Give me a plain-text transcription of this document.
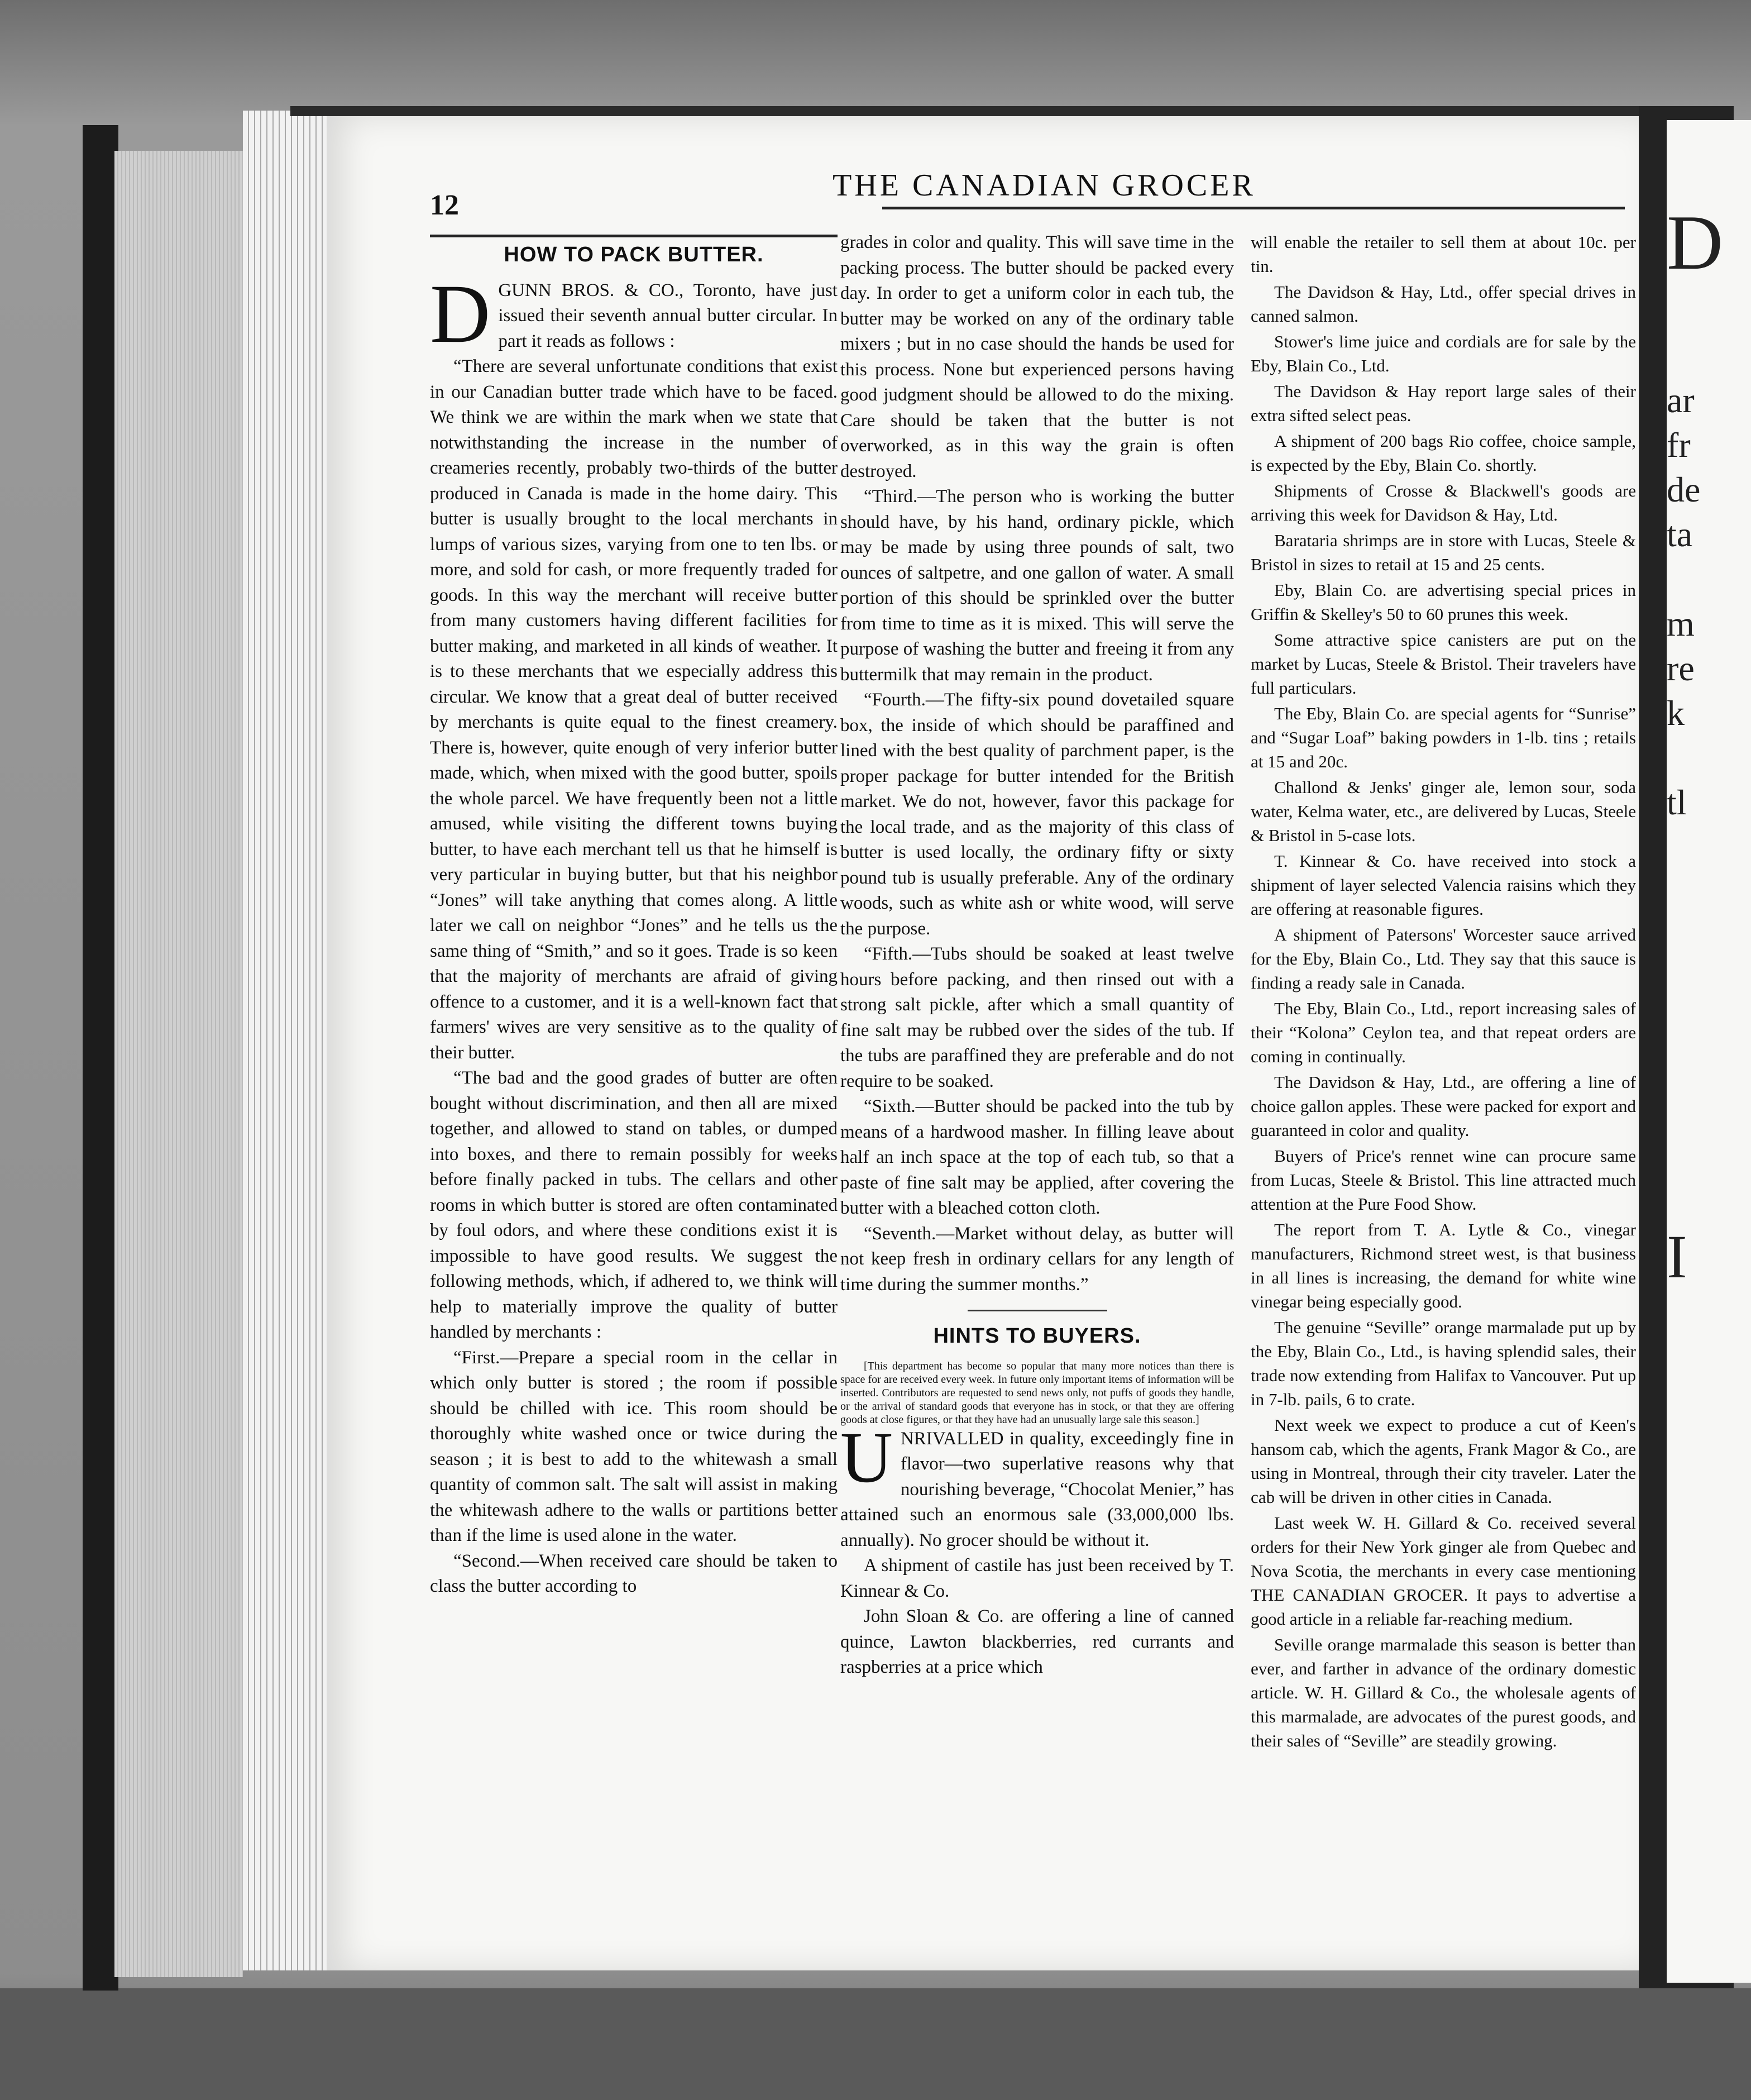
D
ar
fr
de
ta
m
re
k
tl
I
12
THE CANADIAN GROCER
HOW TO PACK BUTTER.

DGUNN BROS. & CO., Toronto, have just issued their seventh annual butter circular. In part it reads as follows :

“There are several unfortunate conditions that exist in our Canadian butter trade which have to be faced. We think we are within the mark when we state that notwithstanding the increase in the number of creameries recently, probably two-thirds of the butter produced in Canada is made in the home dairy. This butter is usually brought to the local merchants in lumps of various sizes, varying from one to ten lbs. or more, and sold for cash, or more frequently traded for goods. In this way the merchant will receive butter from many customers having different facilities for butter making, and marketed in all kinds of weather. It is to these merchants that we especially address this circular. We know that a great deal of butter received by merchants is quite equal to the finest creamery. There is, however, quite enough of very inferior butter made, which, when mixed with the good butter, spoils the whole parcel. We have frequently been not a little amused, while visiting the different towns buying butter, to have each merchant tell us that he himself is very particular in buying butter, but that his neighbor “Jones” will take anything that comes along. A little later we call on neighbor “Jones” and he tells us the same thing of “Smith,” and so it goes. Trade is so keen that the majority of merchants are afraid of giving offence to a customer, and it is a well-known fact that farmers' wives are very sensitive as to the quality of their butter.

“The bad and the good grades of butter are often bought without discrimination, and then all are mixed together, and allowed to stand on tables, or dumped into boxes, and there to remain possibly for weeks before finally packed in tubs. The cellars and other rooms in which butter is stored are often contaminated by foul odors, and where these conditions exist it is impossible to have good results. We suggest the following methods, which, if adhered to, we think will help to materially improve the quality of butter handled by merchants :

“First.—Prepare a special room in the cellar in which only butter is stored ; the room if possible should be chilled with ice. This room should be thoroughly white washed once or twice during the season ; it is best to add to the whitewash a small quantity of common salt. The salt will assist in making the whitewash adhere to the walls or partitions better than if the lime is used alone in the water.

“Second.—When received care should be taken to class the butter according to

grades in color and quality. This will save time in the packing process. The butter should be packed every day. In order to get a uniform color in each tub, the butter may be worked on any of the ordinary table mixers ; but in no case should the hands be used for this process. None but experienced persons having good judgment should be allowed to do the mixing. Care should be taken that the butter is not overworked, as in this way the grain is often destroyed.

“Third.—The person who is working the butter should have, by his hand, ordinary pickle, which may be made by using three pounds of salt, two ounces of saltpetre, and one gallon of water. A small portion of this should be sprinkled over the butter from time to time as it is mixed. This will serve the purpose of washing the butter and freeing it from any buttermilk that may remain in the product.

“Fourth.—The fifty-six pound dovetailed square box, the inside of which should be paraffined and lined with the best quality of parchment paper, is the proper package for butter intended for the British market. We do not, however, favor this package for the local trade, and as the majority of this class of butter is used locally, the ordinary fifty or sixty pound tub is usually preferable. Any of the ordinary woods, such as white ash or white wood, will serve the purpose.

“Fifth.—Tubs should be soaked at least twelve hours before packing, and then rinsed out with a strong salt pickle, after which a small quantity of fine salt may be rubbed over the sides of the tub. If the tubs are paraffined they are preferable and do not require to be soaked.

“Sixth.—Butter should be packed into the tub by means of a hardwood masher. In filling leave about half an inch space at the top of each tub, so that a paste of fine salt may be applied, after covering the butter with a bleached cotton cloth.

“Seventh.—Market without delay, as butter will not keep fresh in ordinary cellars for any length of time during the summer months.”

HINTS TO BUYERS.

[This department has become so popular that many more notices than there is space for are received every week. In future only important items of information will be inserted. Contributors are requested to send news only, not puffs of goods they handle, or the arrival of standard goods that everyone has in stock, or that they are offering goods at close figures, or that they have had an unusually large sale this season.]

UNRIVALLED in quality, exceedingly fine in flavor—two superlative reasons why that nourishing beverage, “Chocolat Menier,” has attained such an enormous sale (33,000,000 lbs. annually). No grocer should be without it.

A shipment of castile has just been received by T. Kinnear & Co.

John Sloan & Co. are offering a line of canned quince, Lawton blackberries, red currants and raspberries at a price which

will enable the retailer to sell them at about 10c. per tin.

The Davidson & Hay, Ltd., offer special drives in canned salmon.

Stower's lime juice and cordials are for sale by the Eby, Blain Co., Ltd.

The Davidson & Hay report large sales of their extra sifted select peas.

A shipment of 200 bags Rio coffee, choice sample, is expected by the Eby, Blain Co. shortly.

Shipments of Crosse & Blackwell's goods are arriving this week for Davidson & Hay, Ltd.

Barataria shrimps are in store with Lucas, Steele & Bristol in sizes to retail at 15 and 25 cents.

Eby, Blain Co. are advertising special prices in Griffin & Skelley's 50 to 60 prunes this week.

Some attractive spice canisters are put on the market by Lucas, Steele & Bristol. Their travelers have full particulars.

The Eby, Blain Co. are special agents for “Sunrise” and “Sugar Loaf” baking powders in 1-lb. tins ; retails at 15 and 20c.

Challond & Jenks' ginger ale, lemon sour, soda water, Kelma water, etc., are delivered by Lucas, Steele & Bristol in 5-case lots.

T. Kinnear & Co. have received into stock a shipment of layer selected Valencia raisins which they are offering at reasonable figures.

A shipment of Patersons' Worcester sauce arrived for the Eby, Blain Co., Ltd. They say that this sauce is finding a ready sale in Canada.

The Eby, Blain Co., Ltd., report increasing sales of their “Kolona” Ceylon tea, and that repeat orders are coming in continually.

The Davidson & Hay, Ltd., are offering a line of choice gallon apples. These were packed for export and guaranteed in color and quality.

Buyers of Price's rennet wine can procure same from Lucas, Steele & Bristol. This line attracted much attention at the Pure Food Show.

The report from T. A. Lytle & Co., vinegar manufacturers, Richmond street west, is that business in all lines is increasing, the demand for white wine vinegar being especially good.

The genuine “Seville” orange marmalade put up by the Eby, Blain Co., Ltd., is having splendid sales, their trade now extending from Halifax to Vancouver. Put up in 7-lb. pails, 6 to crate.

Next week we expect to produce a cut of Keen's hansom cab, which the agents, Frank Magor & Co., are using in Montreal, through their city traveler. Later the cab will be driven in other cities in Canada.

Last week W. H. Gillard & Co. received several orders for their New York ginger ale from Quebec and Nova Scotia, the merchants in every case mentioning THE CANADIAN GROCER. It pays to advertise a good article in a reliable far-reaching medium.

Seville orange marmalade this season is better than ever, and farther in advance of the ordinary domestic article. W. H. Gillard & Co., the wholesale agents of this marmalade, are advocates of the purest goods, and their sales of “Seville” are steadily growing.
